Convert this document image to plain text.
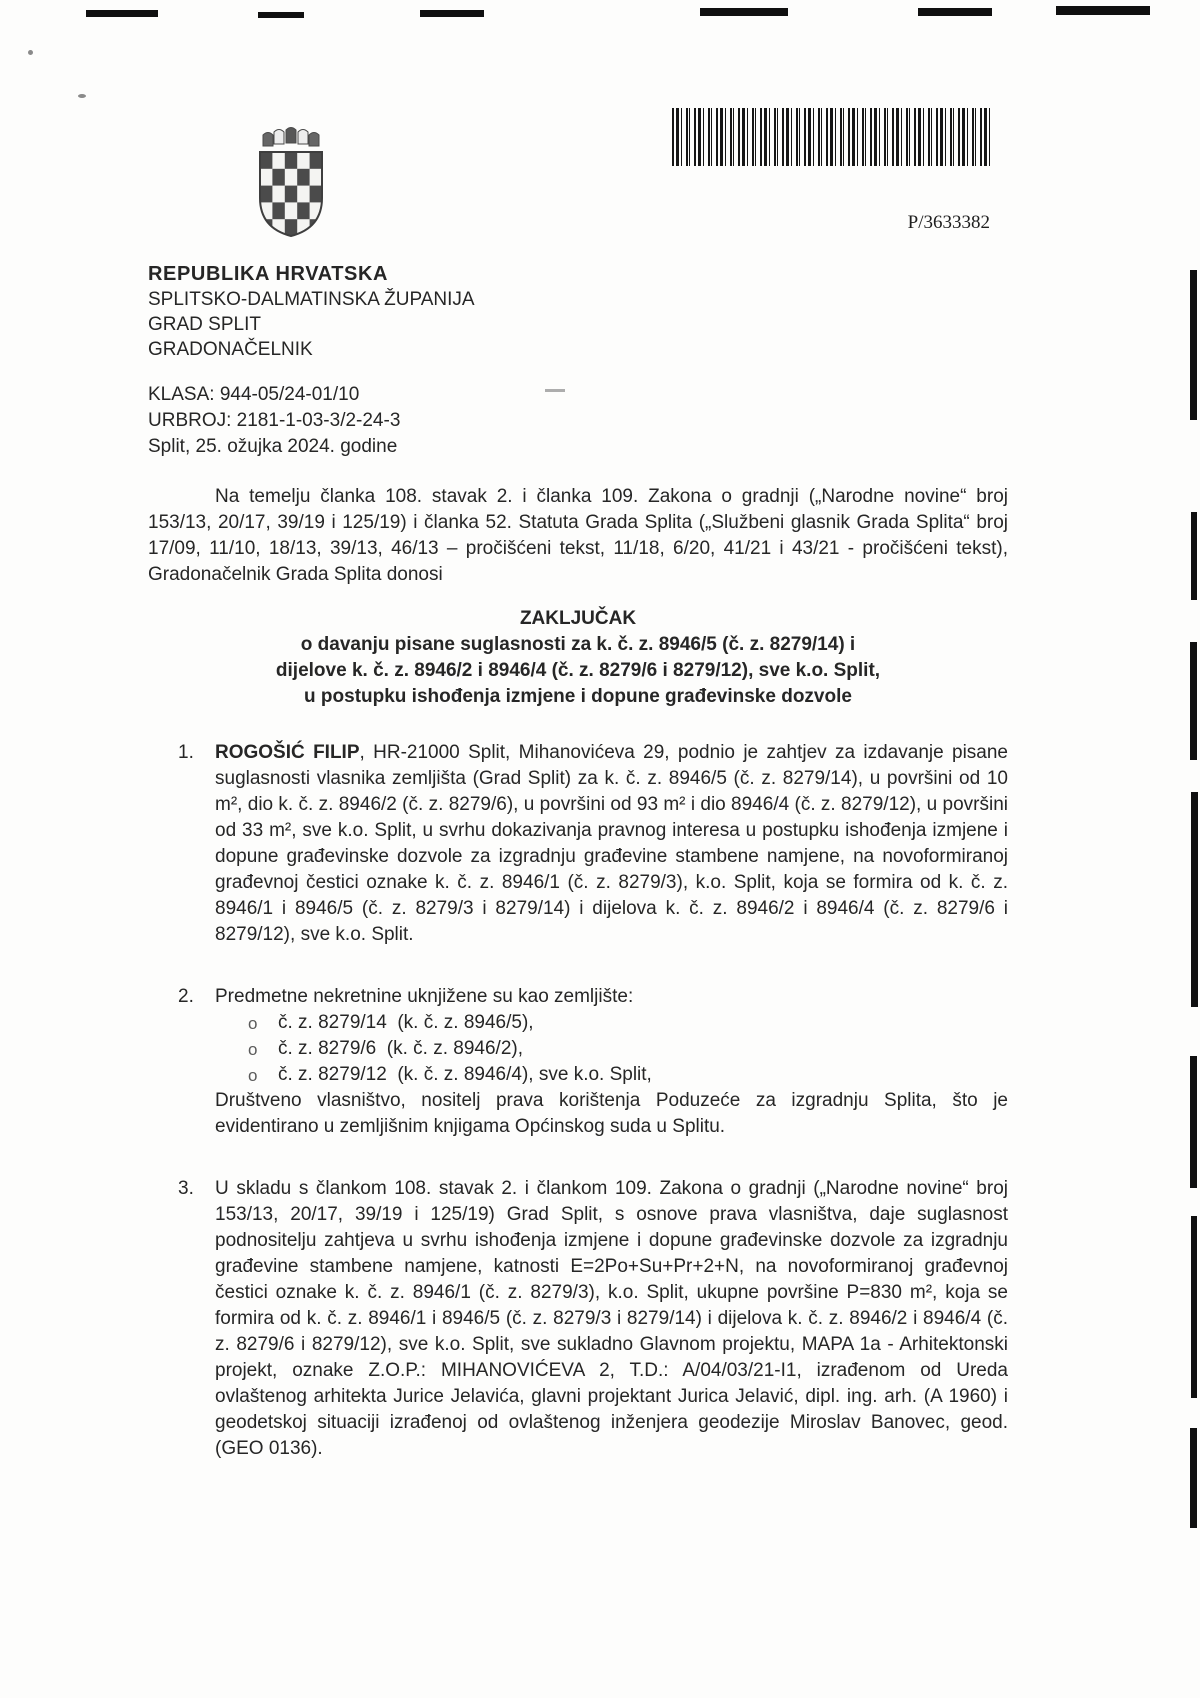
P/3633382
REPUBLIKA HRVATSKA
SPLITSKO-DALMATINSKA ŽUPANIJA
GRAD SPLIT
GRADONAČELNIK
KLASA: 944-05/24-01/10
URBROJ: 2181-1-03-3/2-24-3
Split, 25. ožujka 2024. godine

Na temelju članka 108. stavak 2. i članka 109. Zakona o gradnji („Narodne novine“ broj 153/13, 20/17, 39/19 i 125/19) i članka 52. Statuta Grada Splita („Službeni glasnik Grada Splita“ broj 17/09, 11/10, 18/13, 39/13, 46/13 – pročišćeni tekst, 11/18, 6/20, 41/21 i 43/21 - pročišćeni tekst), Gradonačelnik Grada Splita donosi

ZAKLJUČAK
o davanju pisane suglasnosti za k. č. z. 8946/5 (č. z. 8279/14) i
dijelove k. č. z. 8946/2 i 8946/4 (č. z. 8279/6 i 8279/12), sve k.o. Split,
u postupku ishođenja izmjene i dopune građevinske dozvole
1. ROGOŠIĆ FILIP, HR-21000 Split, Mihanovićeva 29, podnio je zahtjev za izdavanje pisane suglasnosti vlasnika zemljišta (Grad Split) za k. č. z. 8946/5 (č. z. 8279/14), u površini od 10 m², dio k. č. z. 8946/2 (č. z. 8279/6), u površini od 93 m² i dio 8946/4 (č. z. 8279/12), u površini od 33 m², sve k.o. Split, u svrhu dokazivanja pravnog interesa u postupku ishođenja izmjene i dopune građevinske dozvole za izgradnju građevine stambene namjene, na novoformiranoj građevnoj čestici oznake k. č. z. 8946/1 (č. z. 8279/3), k.o. Split, koja se formira od k. č. z. 8946/1 i 8946/5 (č. z. 8279/3 i 8279/14) i dijelova k. č. z. 8946/2 i 8946/4 (č. z. 8279/6 i 8279/12), sve k.o. Split.

2. Predmetne nekretnine uknjižene su kao zemljište:

o č. z. 8279/14  (k. č. z. 8946/5),
o č. z. 8279/6  (k. č. z. 8946/2),
o č. z. 8279/12  (k. č. z. 8946/4), sve k.o. Split,

Društveno vlasništvo, nositelj prava korištenja Poduzeće za izgradnju Splita, što je evidentirano u zemljišnim knjigama Općinskog suda u Splitu.

3. U skladu s člankom 108. stavak 2. i člankom 109. Zakona o gradnji („Narodne novine“ broj 153/13, 20/17, 39/19 i 125/19) Grad Split, s osnove prava vlasništva, daje suglasnost podnositelju zahtjeva u svrhu ishođenja izmjene i dopune građevinske dozvole za izgradnju građevine stambene namjene, katnosti E=2Po+Su+Pr+2+N, na novoformiranoj građevnoj čestici oznake k. č. z. 8946/1 (č. z. 8279/3), k.o. Split, ukupne površine P=830 m², koja se formira od k. č. z. 8946/1 i 8946/5 (č. z. 8279/3 i 8279/14) i dijelova k. č. z. 8946/2 i 8946/4 (č. z. 8279/6 i 8279/12), sve k.o. Split, sve sukladno Glavnom projektu, MAPA 1a - Arhitektonski projekt, oznake Z.O.P.: MIHANOVIĆEVA 2, T.D.: A/04/03/21-I1, izrađenom od Ureda ovlaštenog arhitekta Jurice Jelavića, glavni projektant Jurica Jelavić, dipl. ing. arh. (A 1960) i geodetskoj situaciji izrađenoj od ovlaštenog inženjera geodezije Miroslav Banovec, geod. (GEO 0136).
